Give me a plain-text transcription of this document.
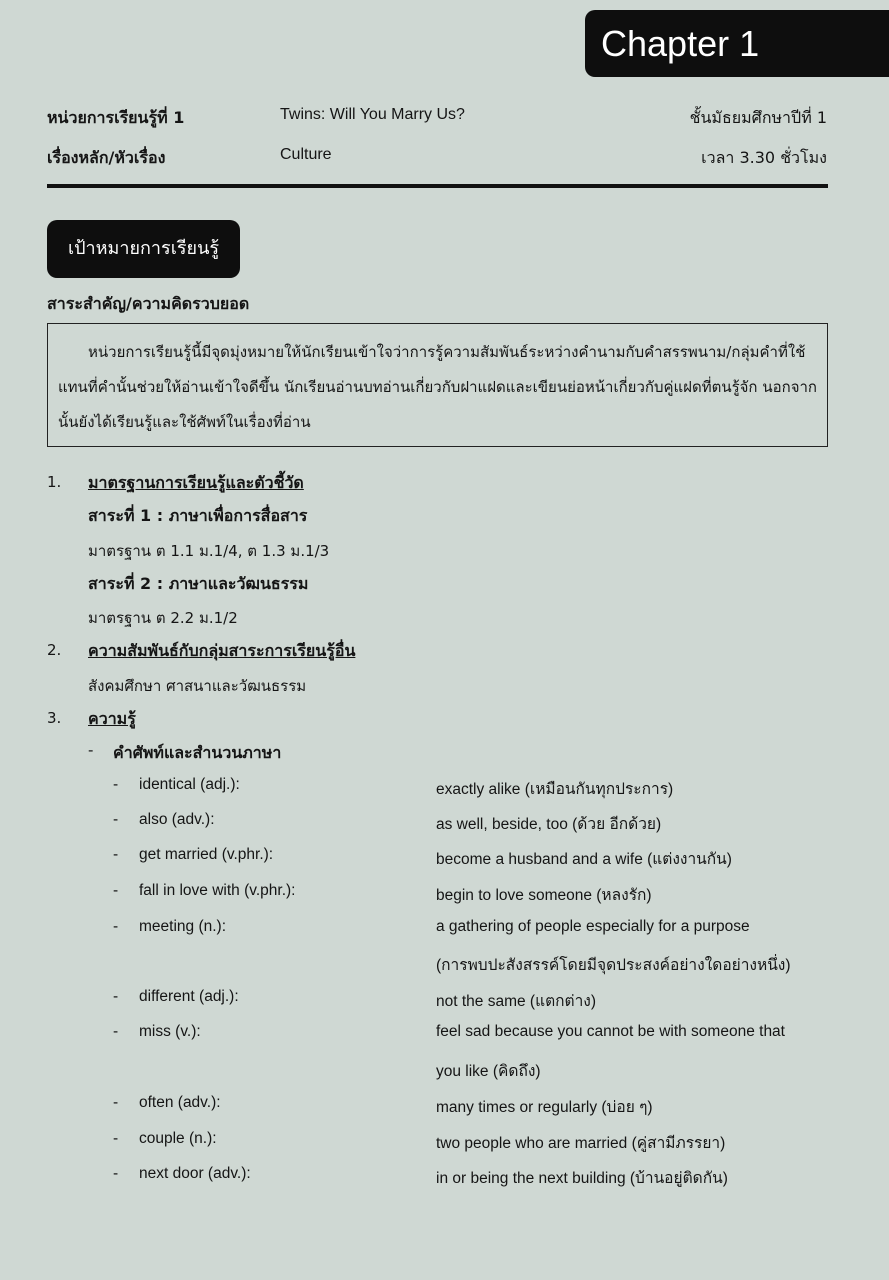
Chapter 1
หน่วยการเรียนรู้ที่ 1	Twins: Will You Marry Us?	ชั้นมัธยมศึกษาปีที่ 1
เรื่องหลัก/หัวเรื่อง	Culture	เวลา 3.30 ชั่วโมง
เป้าหมายการเรียนรู้
สาระสำคัญ/ความคิดรวบยอด

หน่วยการเรียนรู้นี้มีจุดมุ่งหมายให้นักเรียนเข้าใจว่าการรู้ความสัมพันธ์ระหว่างคำนามกับคำสรรพนาม/กลุ่มคำที่ใช้แทนที่คำนั้นช่วยให้อ่านเข้าใจดีขึ้น นักเรียนอ่านบทอ่านเกี่ยวกับฝาแฝดและเขียนย่อหน้าเกี่ยวกับคู่แฝดที่ตนรู้จัก นอกจากนั้นยังได้เรียนรู้และใช้ศัพท์ในเรื่องที่อ่าน

1. มาตรฐานการเรียนรู้และตัวชี้วัด
สาระที่ 1 : ภาษาเพื่อการสื่อสาร
มาตรฐาน ต 1.1 ม.1/4, ต 1.3 ม.1/3
สาระที่ 2 : ภาษาและวัฒนธรรม
มาตรฐาน ต 2.2 ม.1/2
2. ความสัมพันธ์กับกลุ่มสาระการเรียนรู้อื่น
สังคมศึกษา ศาสนาและวัฒนธรรม
3. ความรู้
- คำศัพท์และสำนวนภาษา
- identical (adj.):	exactly alike (เหมือนกันทุกประการ)
- also (adv.):	as well, beside, too (ด้วย อีกด้วย)
- get married (v.phr.):	become a husband and a wife (แต่งงานกัน)
- fall in love with (v.phr.):	begin to love someone (หลงรัก)
- meeting (n.):	a gathering of people especially for a purpose
(การพบปะสังสรรค์โดยมีจุดประสงค์อย่างใดอย่างหนึ่ง)
- different (adj.):	not the same (แตกต่าง)
- miss (v.):	feel sad because you cannot be with someone that
you like (คิดถึง)
- often (adv.):	many times or regularly (บ่อย ๆ)
- couple (n.):	two people who are married (คู่สามีภรรยา)
- next door (adv.):	in or being the next building (บ้านอยู่ติดกัน)
